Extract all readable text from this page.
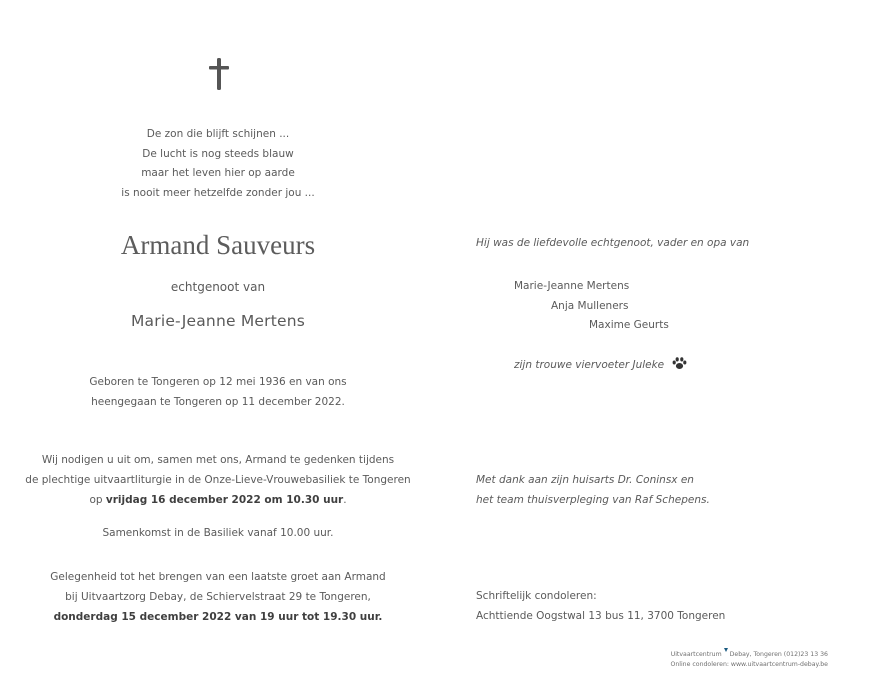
De zon die blijft schijnen ...
De lucht is nog steeds blauw
maar het leven hier op aarde
is nooit meer hetzelfde zonder jou ...
Armand Sauveurs
echtgenoot van
Marie-Jeanne Mertens
Geboren te Tongeren op 12 mei 1936 en van ons
heengegaan te Tongeren op 11 december 2022.
Wij nodigen u uit om, samen met ons, Armand te gedenken tijdens
de plechtige uitvaartliturgie in de Onze-Lieve-Vrouwebasiliek te Tongeren
op vrijdag 16 december 2022 om 10.30 uur.
Samenkomst in de Basiliek vanaf 10.00 uur.
Gelegenheid tot het brengen van een laatste groet aan Armand
bij Uitvaartzorg Debay, de Schiervelstraat 29 te Tongeren,
donderdag 15 december 2022 van 19 uur tot 19.30 uur.
Hij was de liefdevolle echtgenoot, vader en opa van
Marie-Jeanne Mertens
Anja Mulleners
Maxime Geurts
zijn trouwe viervoeter Juleke
Met dank aan zijn huisarts Dr. Coninsx en
het team thuisverpleging van Raf Schepens.
Schriftelijk condoleren:
Achttiende Oogstwal 13 bus 11, 3700 Tongeren
Uitvaartcentrum Debay, Tongeren (012)23 13 36
Online condoleren: www.uitvaartcentrum-debay.be
